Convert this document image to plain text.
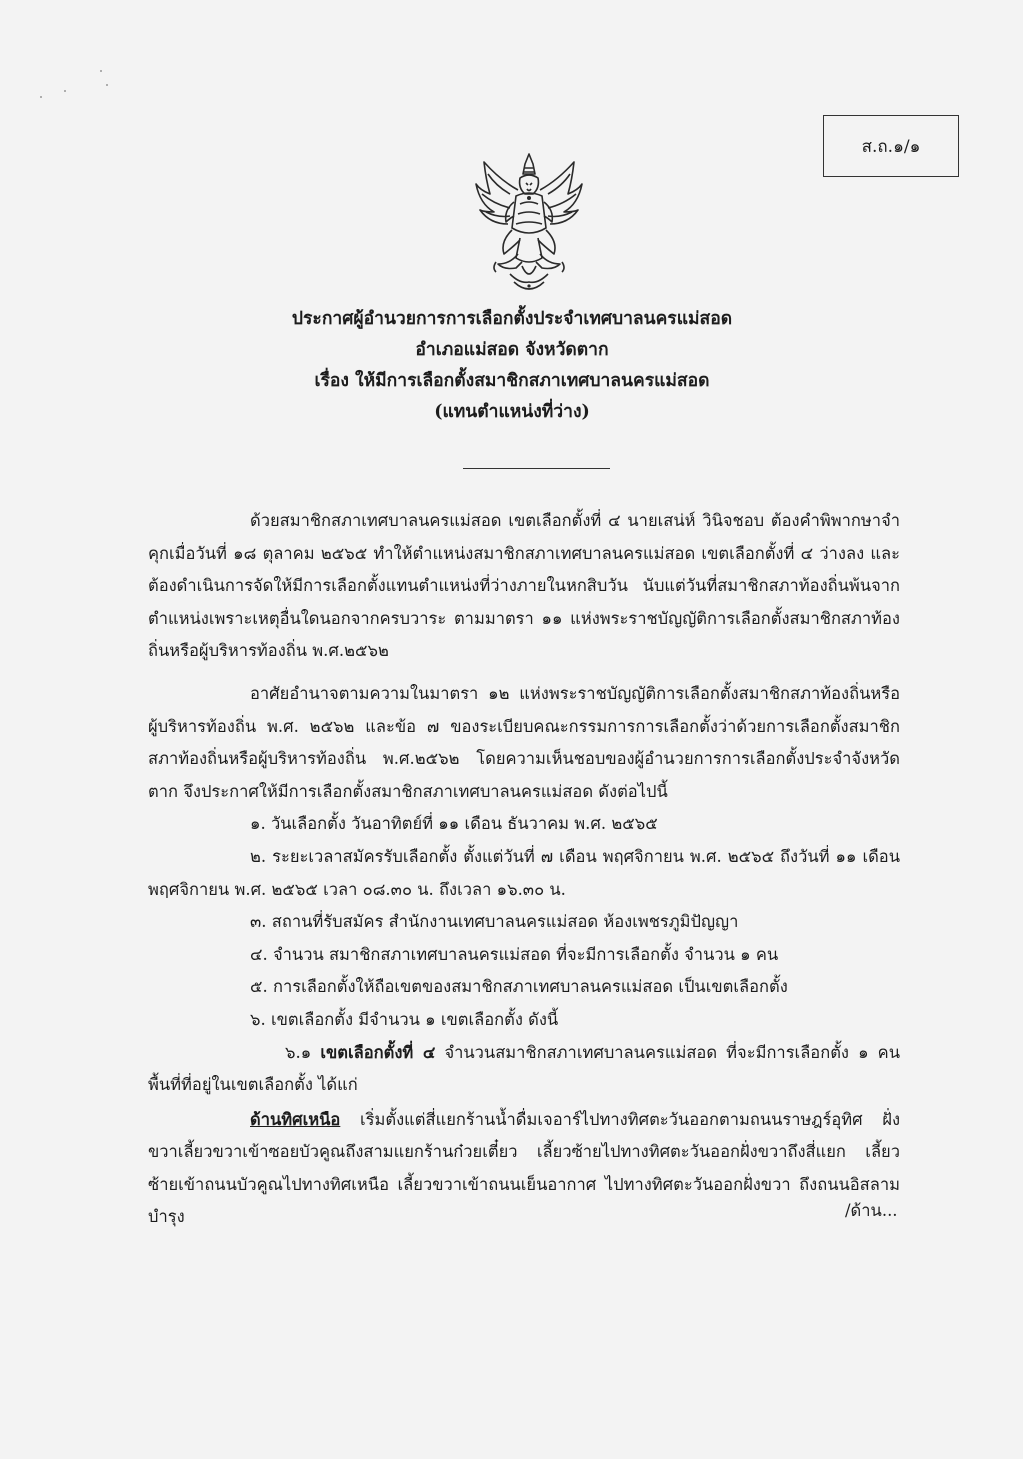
ส.ถ.๑/๑
ประกาศผู้อำนวยการการเลือกตั้งประจำเทศบาลนครแม่สอด
อำเภอแม่สอด จังหวัดตาก
เรื่อง ให้มีการเลือกตั้งสมาชิกสภาเทศบาลนครแม่สอด
(แทนตำแหน่งที่ว่าง)

ด้วยสมาชิกสภาเทศบาลนครแม่สอด เขตเลือกตั้งที่ ๔ นายเสน่ห์ วินิจชอบ ต้องคำพิพากษาจำคุกเมื่อวันที่ ๑๘ ตุลาคม ๒๕๖๕ ทำให้ตำแหน่งสมาชิกสภาเทศบาลนครแม่สอด เขตเลือกตั้งที่ ๔ ว่างลง และต้องดำเนินการจัดให้มีการเลือกตั้งแทนตำแหน่งที่ว่างภายในหกสิบวัน นับแต่วันที่สมาชิกสภาท้องถิ่นพ้นจากตำแหน่งเพราะเหตุอื่นใดนอกจากครบวาระ ตามมาตรา ๑๑ แห่งพระราชบัญญัติการเลือกตั้งสมาชิกสภาท้องถิ่นหรือผู้บริหารท้องถิ่น พ.ศ.๒๕๖๒

อาศัยอำนาจตามความในมาตรา ๑๒ แห่งพระราชบัญญัติการเลือกตั้งสมาชิกสภาท้องถิ่นหรือผู้บริหารท้องถิ่น พ.ศ. ๒๕๖๒ และข้อ ๗ ของระเบียบคณะกรรมการการเลือกตั้งว่าด้วยการเลือกตั้งสมาชิกสภาท้องถิ่นหรือผู้บริหารท้องถิ่น พ.ศ.๒๕๖๒ โดยความเห็นชอบของผู้อำนวยการการเลือกตั้งประจำจังหวัดตาก จึงประกาศให้มีการเลือกตั้งสมาชิกสภาเทศบาลนครแม่สอด ดังต่อไปนี้

๑. วันเลือกตั้ง วันอาทิตย์ที่ ๑๑ เดือน ธันวาคม พ.ศ. ๒๕๖๕

๒. ระยะเวลาสมัครรับเลือกตั้ง ตั้งแต่วันที่ ๗ เดือน พฤศจิกายน พ.ศ. ๒๕๖๕ ถึงวันที่ ๑๑ เดือน พฤศจิกายน พ.ศ. ๒๕๖๕ เวลา ๐๘.๓๐ น. ถึงเวลา ๑๖.๓๐ น.

๓. สถานที่รับสมัคร สำนักงานเทศบาลนครแม่สอด ห้องเพชรภูมิปัญญา

๔. จำนวน สมาชิกสภาเทศบาลนครแม่สอด ที่จะมีการเลือกตั้ง จำนวน ๑ คน

๕. การเลือกตั้งให้ถือเขตของสมาชิกสภาเทศบาลนครแม่สอด เป็นเขตเลือกตั้ง

๖. เขตเลือกตั้ง มีจำนวน ๑ เขตเลือกตั้ง ดังนี้

๖.๑ เขตเลือกตั้งที่ ๔ จำนวนสมาชิกสภาเทศบาลนครแม่สอด ที่จะมีการเลือกตั้ง ๑ คน พื้นที่ที่อยู่ในเขตเลือกตั้ง ได้แก่

ด้านทิศเหนือ เริ่มตั้งแต่สี่แยกร้านน้ำดื่มเจอาร์ไปทางทิศตะวันออกตามถนนราษฎร์อุทิศ ฝั่งขวาเลี้ยวขวาเข้าซอยบัวคูณถึงสามแยกร้านก๋วยเตี๋ยว เลี้ยวซ้ายไปทางทิศตะวันออกฝั่งขวาถึงสี่แยก เลี้ยวซ้ายเข้าถนนบัวคูณไปทางทิศเหนือ เลี้ยวขวาเข้าถนนเย็นอากาศ ไปทางทิศตะวันออกฝั่งขวา ถึงถนนอิสลามบำรุง	/ด้าน...
